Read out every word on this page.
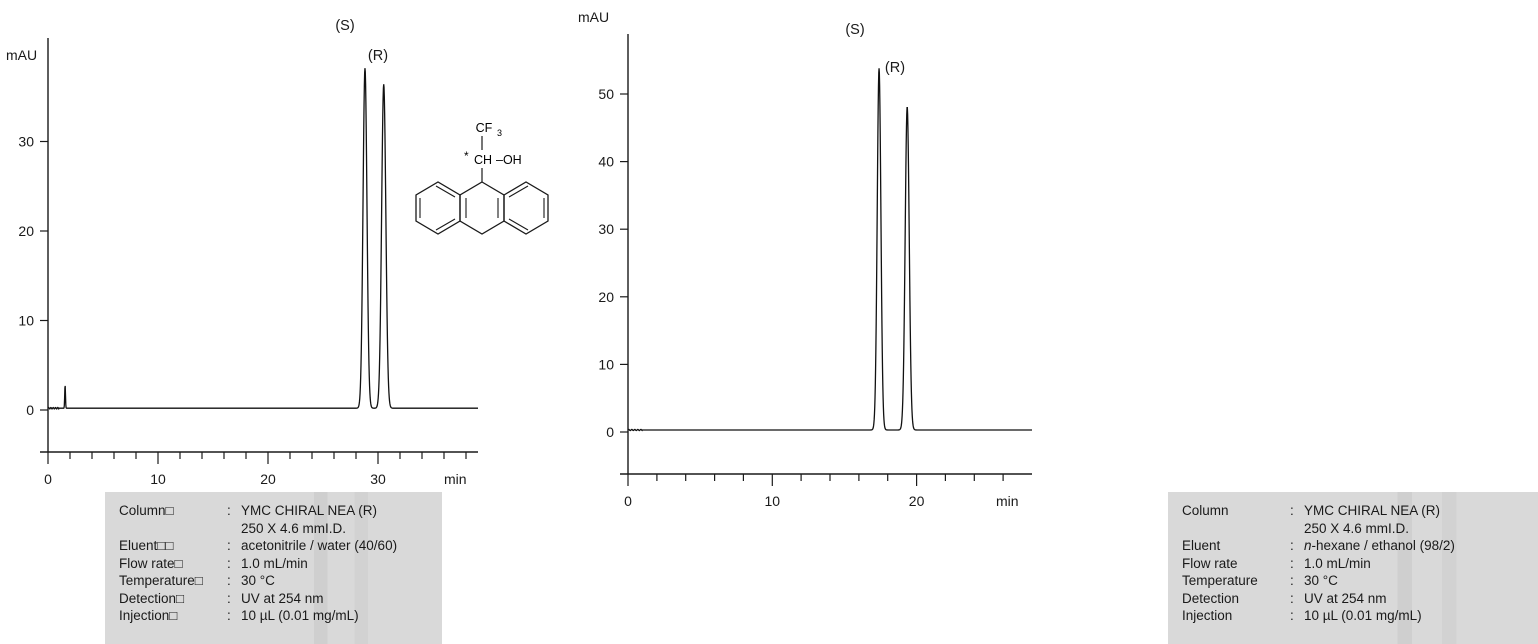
0
10
20
30
mAU
0	10	20	30	min
(S)
(R)
CF 3
* CH –OH
Column□	:	YMC CHIRAL NEA (R)
		250 X 4.6 mmI.D.
Eluent□□	:	acetonitrile / water (40/60)
Flow rate□	:	1.0 mL/min
Temperature□	:	30 °C
Detection□	:	UV at 254 nm
Injection□	:	10 µL (0.01 mg/mL)
0
10
20
30
40
50
mAU
0	10	20	min
(S)
(R)
Column	:	YMC CHIRAL NEA (R)
		250 X 4.6 mmI.D.
Eluent	:	n-hexane / ethanol (98/2)
Flow rate	:	1.0 mL/min
Temperature	:	30 °C
Detection	:	UV at 254 nm
Injection	:	10 µL (0.01 mg/mL)
